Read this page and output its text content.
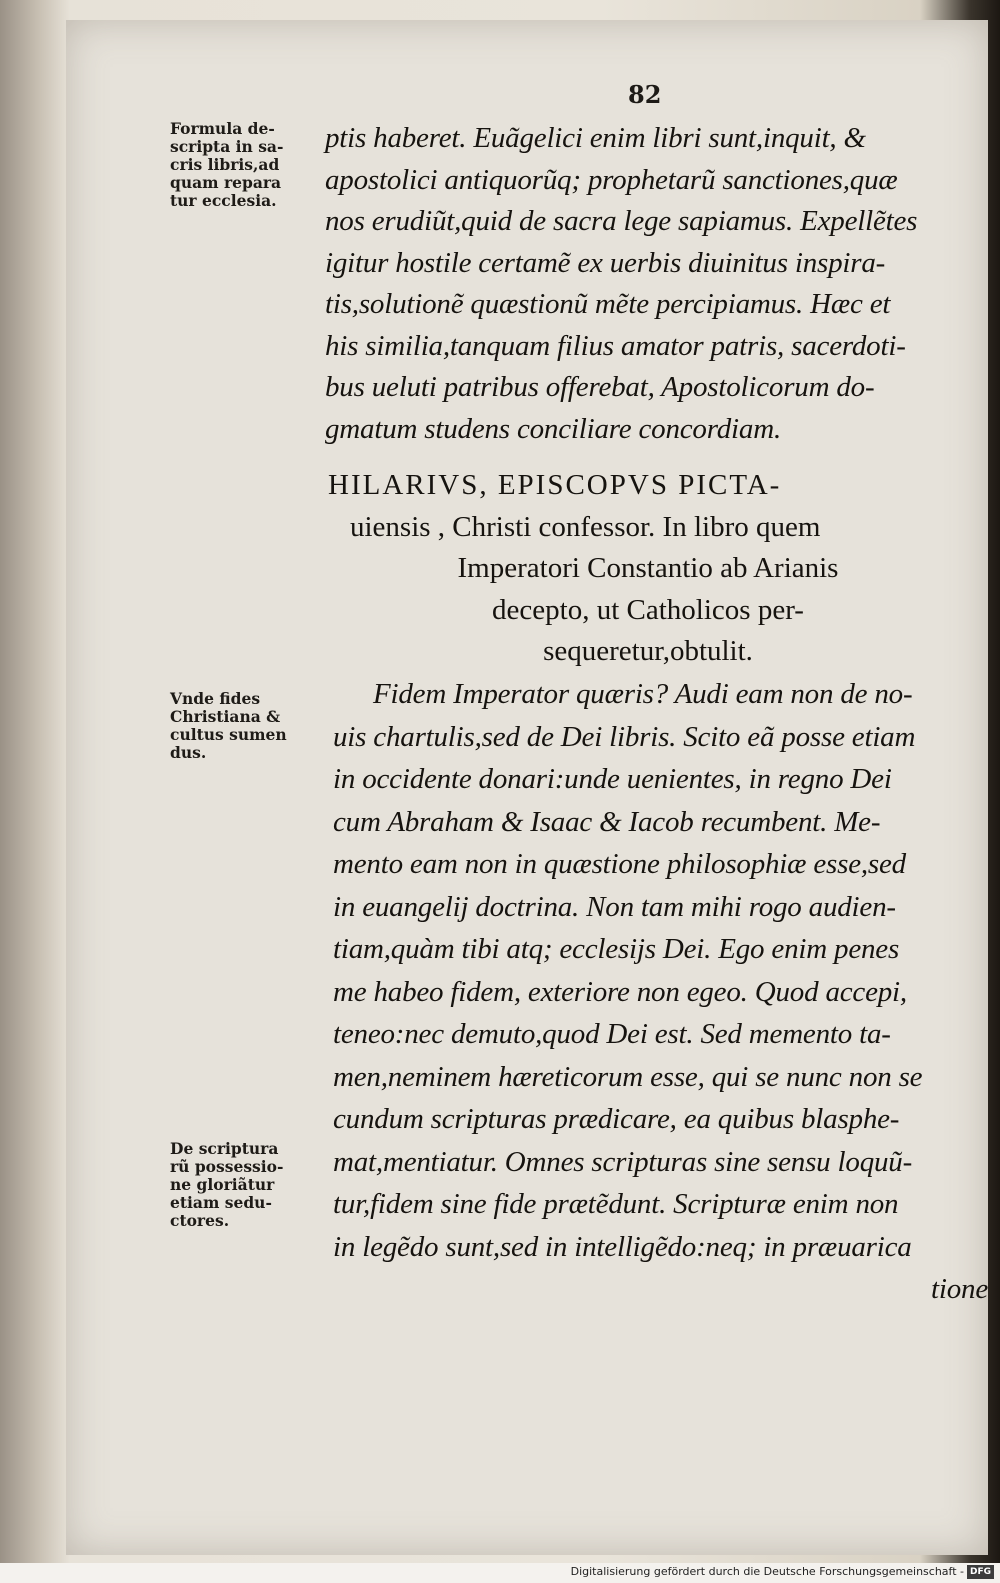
82
Formula de-
scripta in sa-
cris libris,ad
quam repara
tur ecclesia.
Vnde fides
Christiana &
cultus sumen
dus.
De scriptura
rũ possessio-
ne gloriãtur
etiam sedu-
ctores.
ptis haberet. Euãgelici enim libri sunt,inquit, &
apostolici antiquorũq; prophetarũ sanctiones,quæ
nos erudiũt,quid de sacra lege sapiamus. Expellẽtes
igitur hostile certamẽ ex uerbis diuinitus inspira-
tis,solutionẽ quæstionũ mẽte percipiamus. Hæc et
his similia,tanquam filius amator patris, sacerdoti-
bus ueluti patribus offerebat, Apostolicorum do-
gmatum studens conciliare concordiam.
HILARIVS, EPISCOPVS PICTA-
uiensis , Christi confessor. In libro quem
Imperatori Constantio ab Arianis
decepto, ut Catholicos per-
sequeretur,obtulit.
Fidem Imperator quæris? Audi eam non de no-
uis chartulis,sed de Dei libris. Scito eã posse etiam
in occidente donari:unde uenientes, in regno Dei
cum Abraham & Isaac & Iacob recumbent. Me-
mento eam non in quæstione philosophiæ esse,sed
in euangelij doctrina. Non tam mihi rogo audien-
tiam,quàm tibi atq; ecclesijs Dei. Ego enim penes
me habeo fidem, exteriore non egeo. Quod accepi,
teneo:nec demuto,quod Dei est. Sed memento ta-
men,neminem hæreticorum esse, qui se nunc non se
cundum scripturas prædicare, ea quibus blasphe-
mat,mentiatur. Omnes scripturas sine sensu loquũ-
tur,fidem sine fide prætẽdunt. Scripturæ enim non
in legẽdo sunt,sed in intelligẽdo:neq; in præuarica
tione
Digitalisierung gefördert durch die Deutsche Forschungsgemeinschaft - DFG
